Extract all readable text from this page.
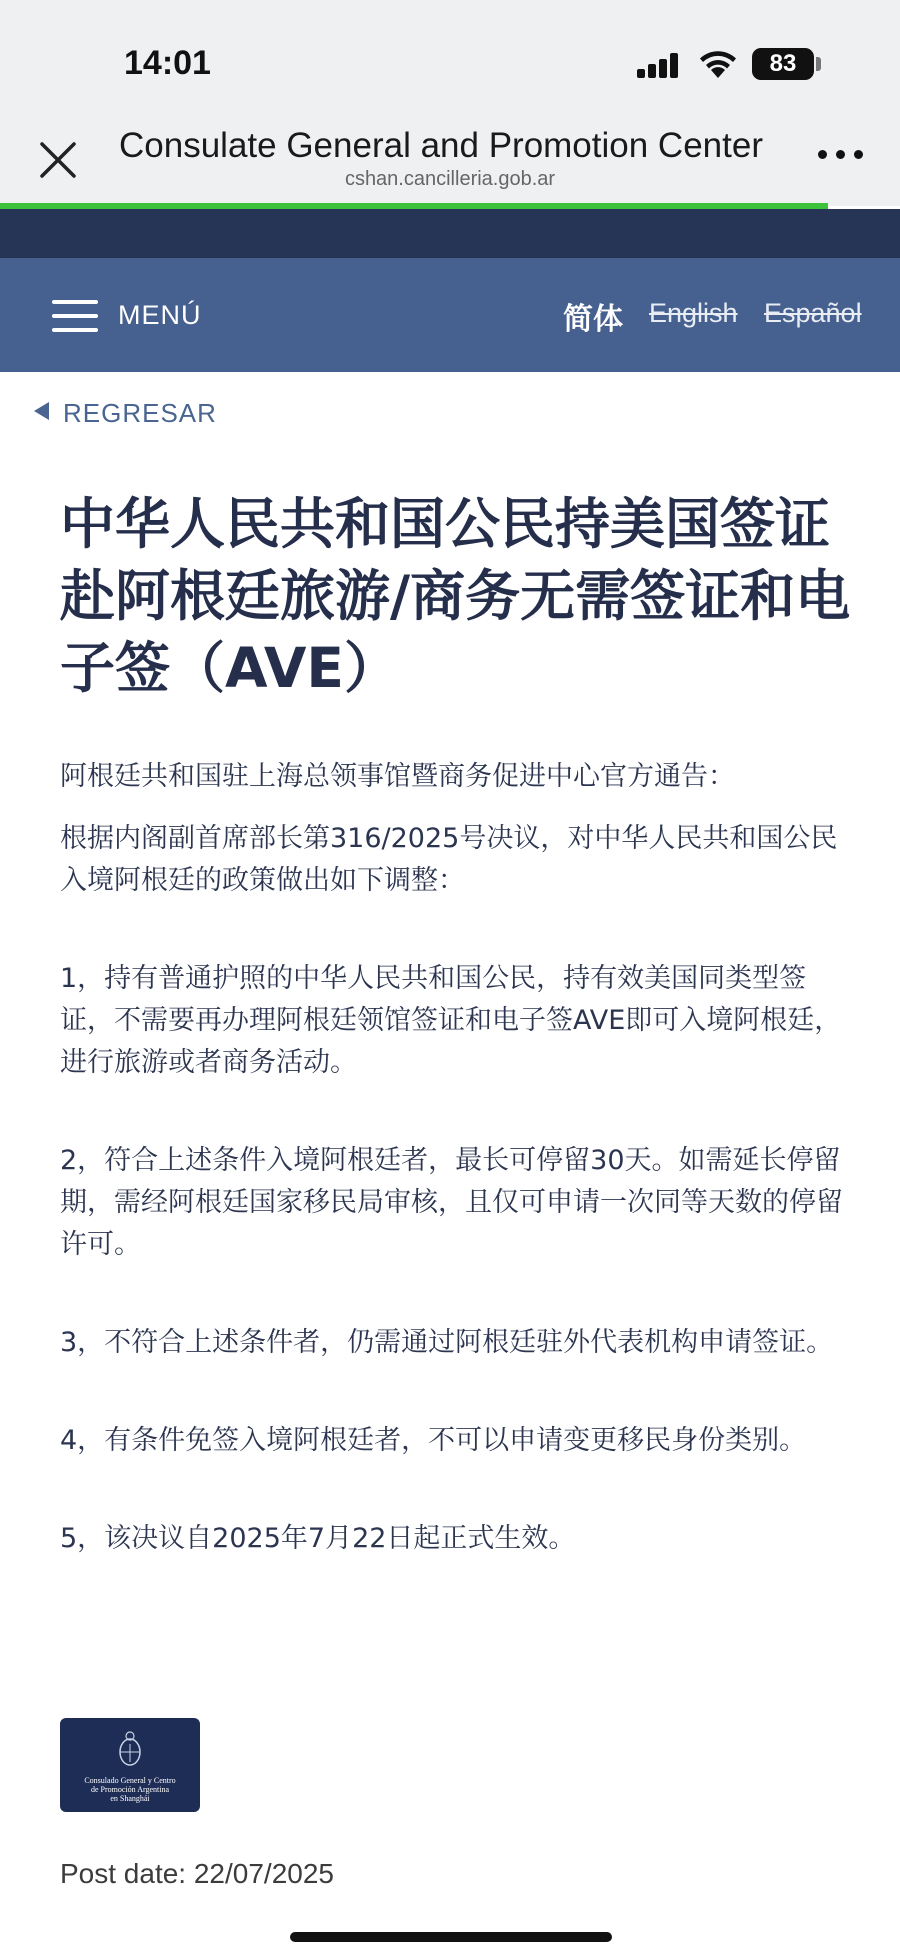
14:01	83
Consulate General and Promotion Center
cshan.cancilleria.gob.ar
MENÚ	简体 English Español
REGRESAR
中华人民共和国公民持美国签证赴阿根廷旅游/商务无需签证和电子签（AVE）

阿根廷共和国驻上海总领事馆暨商务促进中心官方通告：

根据内阁副首席部长第316/2025号决议，对中华人民共和国公民入境阿根廷的政策做出如下调整：

1，持有普通护照的中华人民共和国公民，持有效美国同类型签证，不需要再办理阿根廷领馆签证和电子签AVE即可入境阿根廷，进行旅游或者商务活动。

2，符合上述条件入境阿根廷者，最长可停留30天。如需延长停留期，需经阿根廷国家移民局审核，且仅可申请一次同等天数的停留许可。

3，不符合上述条件者，仍需通过阿根廷驻外代表机构申请签证。

4，有条件免签入境阿根廷者，不可以申请变更移民身份类别。

5，该决议自2025年7月22日起正式生效。

Consulado General y Centro
de Promoción Argentina
en Shanghái
Post date: 22/07/2025
